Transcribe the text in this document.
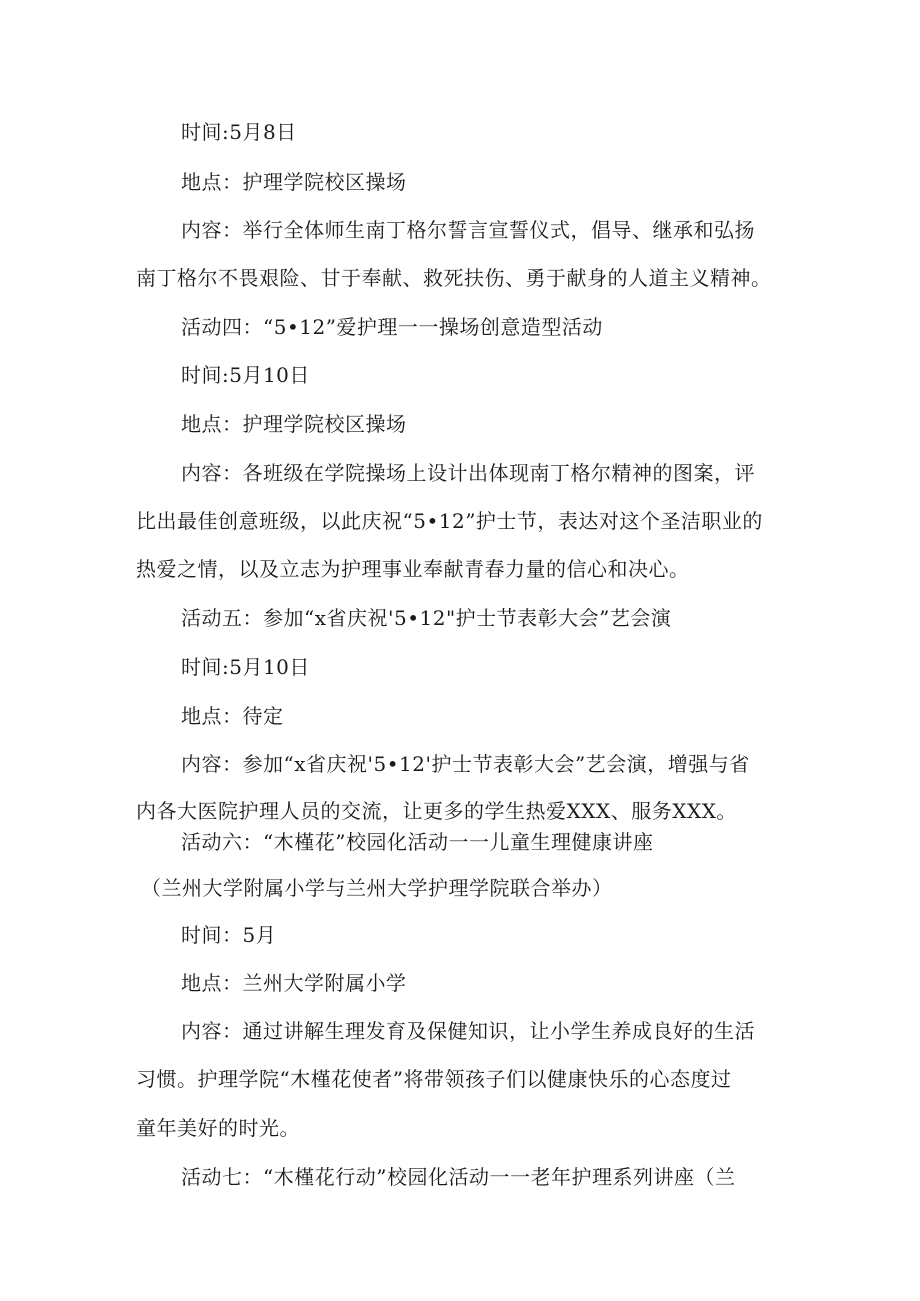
时间:5月8日
地点：护理学院校区操场
内容：举行全体师生南丁格尔誓言宣誓仪式，倡导、继承和弘扬
南丁格尔不畏艰险、甘于奉献、救死扶伤、勇于献身的人道主义精神。
活动四：“5•12”爱护理一一操场创意造型活动
时间:5月10日
地点：护理学院校区操场
内容：各班级在学院操场上设计出体现南丁格尔精神的图案，评
比出最佳创意班级，以此庆祝“5•12”护士节，表达对这个圣洁职业的
热爱之情，以及立志为护理事业奉献青春力量的信心和决心。
活动五：参加“x省庆祝'5•12"护士节表彰大会”艺会演
时间:5月10日
地点：待定
内容：参加“x省庆祝'5•12'护士节表彰大会”艺会演，增强与省
内各大医院护理人员的交流，让更多的学生热爱XXX、服务XXX。
活动六：“木槿花”校园化活动一一儿童生理健康讲座
（兰州大学附属小学与兰州大学护理学院联合举办）
时间：5月
地点：兰州大学附属小学
内容：通过讲解生理发育及保健知识，让小学生养成良好的生活
习惯。护理学院“木槿花使者”将带领孩子们以健康快乐的心态度过
童年美好的时光。
活动七：“木槿花行动”校园化活动一一老年护理系列讲座（兰
